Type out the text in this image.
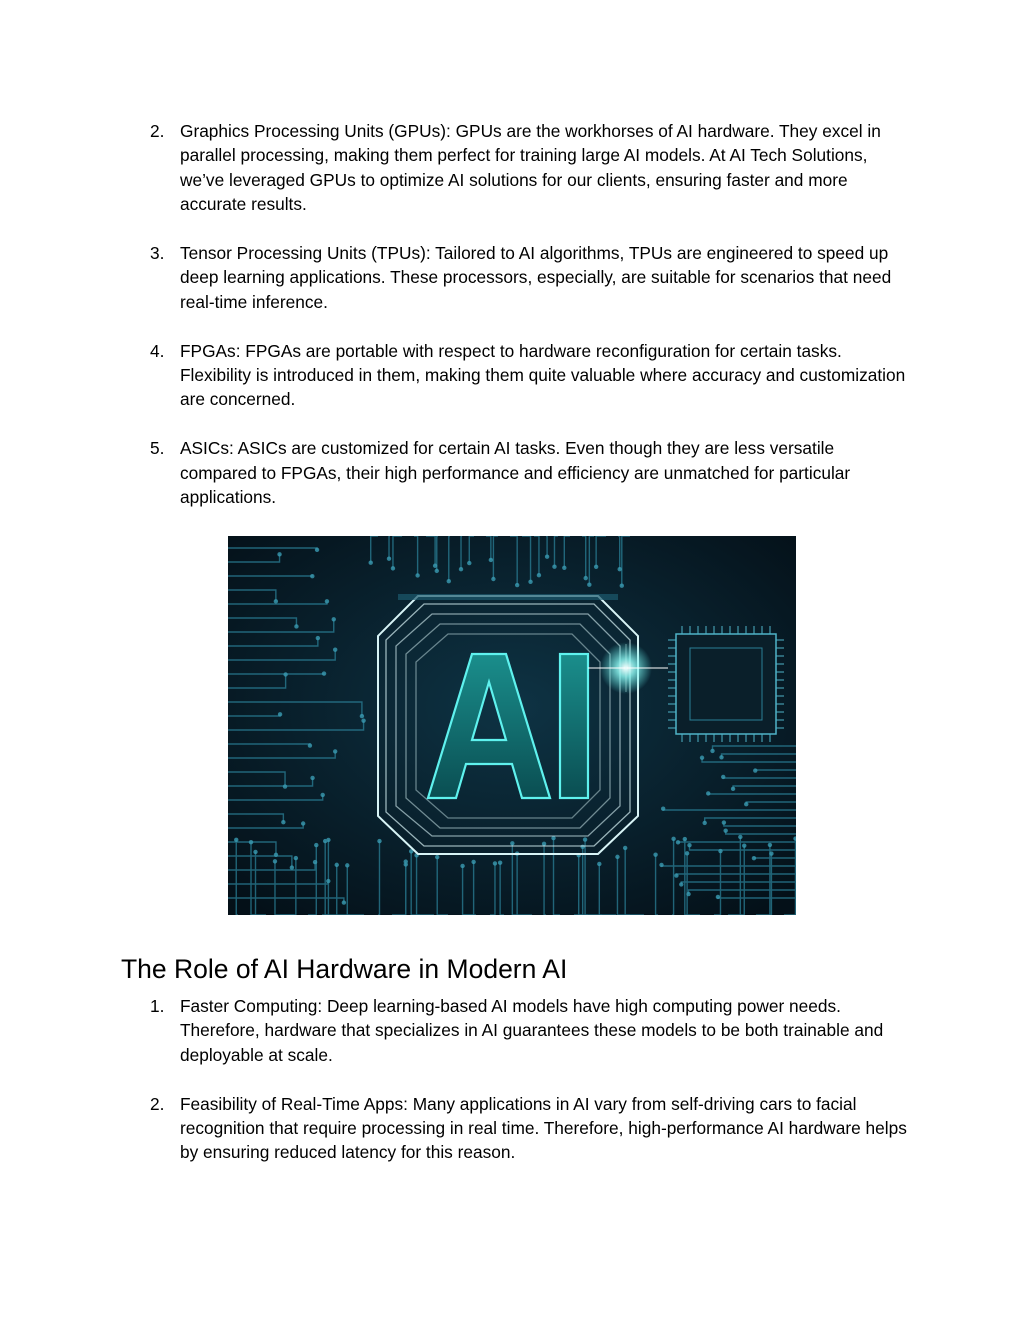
2. Graphics Processing Units (GPUs): GPUs are the workhorses of AI hardware. They excel in parallel processing, making them perfect for training large AI models. At AI Tech Solutions, we’ve leveraged GPUs to optimize AI solutions for our clients, ensuring faster and more accurate results.
3. Tensor Processing Units (TPUs): Tailored to AI algorithms, TPUs are engineered to speed up deep learning applications. These processors, especially, are suitable for scenarios that need real-time inference.
4. FPGAs: FPGAs are portable with respect to hardware reconfiguration for certain tasks. Flexibility is introduced in them, making them quite valuable where accuracy and customization are concerned.
5. ASICs: ASICs are customized for certain AI tasks. Even though they are less versatile compared to FPGAs, their high performance and efficiency are unmatched for particular applications.
The Role of AI Hardware in Modern AI
1. Faster Computing: Deep learning-based AI models have high computing power needs. Therefore, hardware that specializes in AI guarantees these models to be both trainable and deployable at scale.
2. Feasibility of Real-Time Apps: Many applications in AI vary from self-driving cars to facial recognition that require processing in real time. Therefore, high-performance AI hardware helps by ensuring reduced latency for this reason.
